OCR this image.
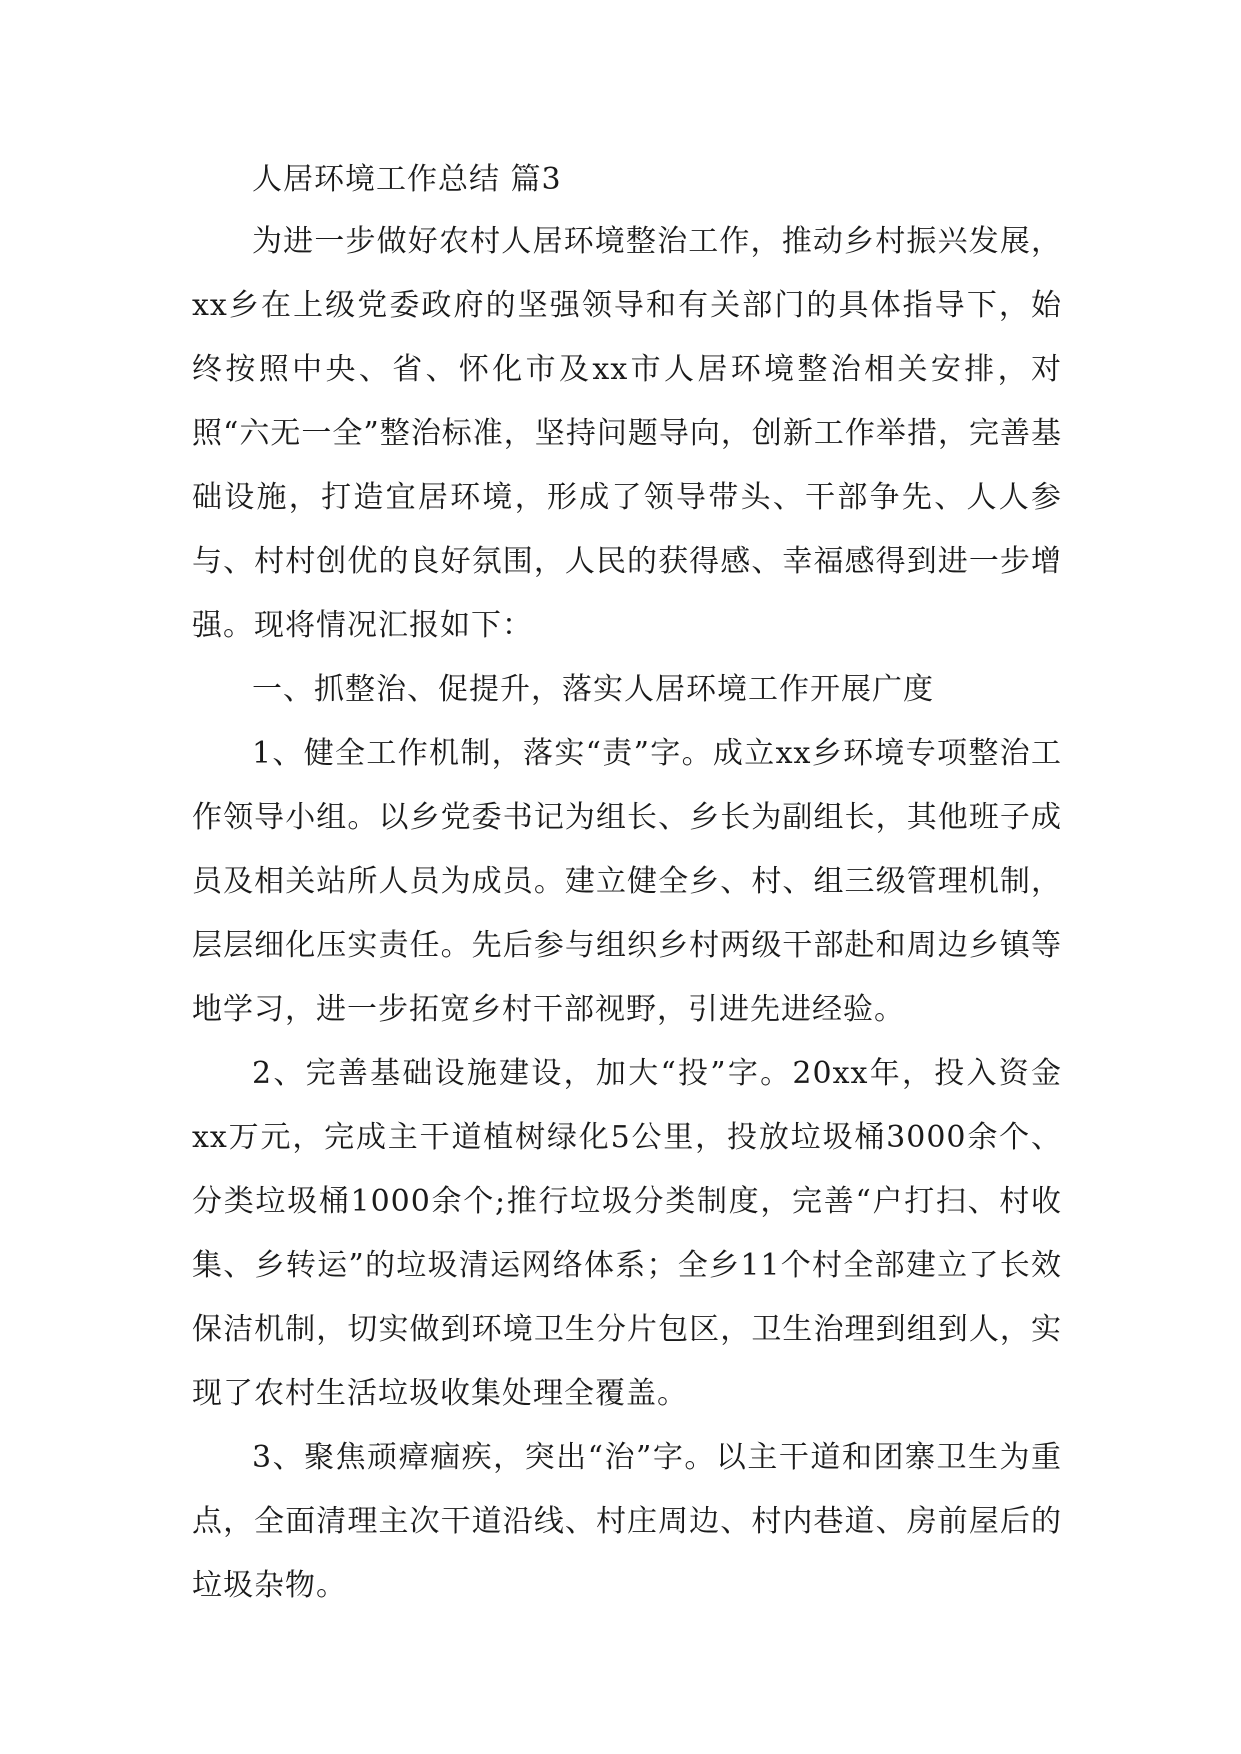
人居环境工作总结 篇3

为进一步做好农村人居环境整治工作，推动乡村振兴发展，xx乡在上级党委政府的坚强领导和有关部门的具体指导下，始终按照中央、省、怀化市及xx市人居环境整治相关安排，对照“六无一全”整治标准，坚持问题导向，创新工作举措，完善基础设施，打造宜居环境，形成了领导带头、干部争先、人人参与、村村创优的良好氛围，人民的获得感、幸福感得到进一步增强。现将情况汇报如下：

一、抓整治、促提升，落实人居环境工作开展广度

1、健全工作机制，落实“责”字。成立xx乡环境专项整治工作领导小组。以乡党委书记为组长、乡长为副组长，其他班子成员及相关站所人员为成员。建立健全乡、村、组三级管理机制，层层细化压实责任。先后参与组织乡村两级干部赴和周边乡镇等地学习，进一步拓宽乡村干部视野，引进先进经验。

2、完善基础设施建设，加大“投”字。20xx年，投入资金xx万元，完成主干道植树绿化5公里，投放垃圾桶3000余个、分类垃圾桶1000余个;推行垃圾分类制度，完善“户打扫、村收集、乡转运”的垃圾清运网络体系；全乡11个村全部建立了长效保洁机制，切实做到环境卫生分片包区，卫生治理到组到人，实现了农村生活垃圾收集处理全覆盖。

3、聚焦顽瘴痼疾，突出“治”字。以主干道和团寨卫生为重点，全面清理主次干道沿线、村庄周边、村内巷道、房前屋后的垃圾杂物。
